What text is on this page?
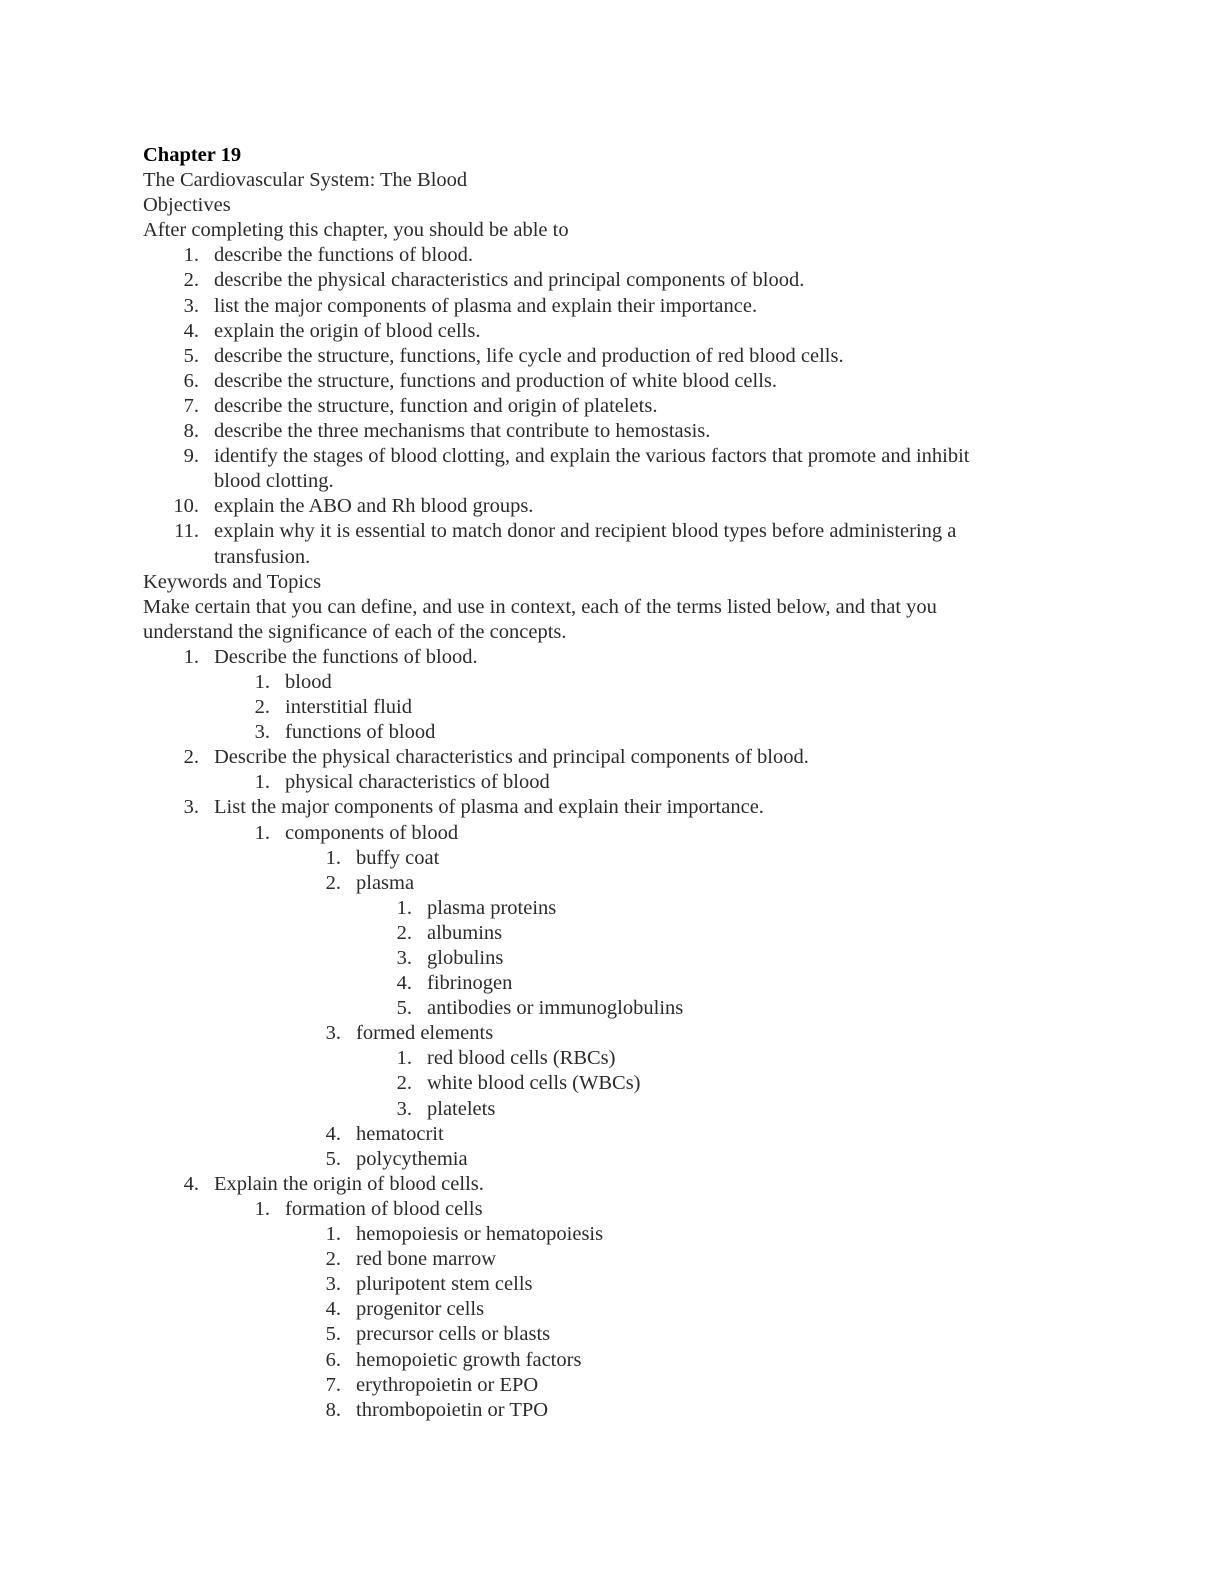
Chapter 19
The Cardiovascular System: The Blood
Objectives
After completing this chapter, you should be able to
1. describe the functions of blood.
2. describe the physical characteristics and principal components of blood.
3. list the major components of plasma and explain their importance.
4. explain the origin of blood cells.
5. describe the structure, functions, life cycle and production of red blood cells.
6. describe the structure, functions and production of white blood cells.
7. describe the structure, function and origin of platelets.
8. describe the three mechanisms that contribute to hemostasis.
9. identify the stages of blood clotting, and explain the various factors that promote and inhibit
blood clotting.
10. explain the ABO and Rh blood groups.
11. explain why it is essential to match donor and recipient blood types before administering a
transfusion.
Keywords and Topics
Make certain that you can define, and use in context, each of the terms listed below, and that you
understand the significance of each of the concepts.
1. Describe the functions of blood.
1. blood
2. interstitial fluid
3. functions of blood
2. Describe the physical characteristics and principal components of blood.
1. physical characteristics of blood
3. List the major components of plasma and explain their importance.
1. components of blood
1. buffy coat
2. plasma
1. plasma proteins
2. albumins
3. globulins
4. fibrinogen
5. antibodies or immunoglobulins
3. formed elements
1. red blood cells (RBCs)
2. white blood cells (WBCs)
3. platelets
4. hematocrit
5. polycythemia
4. Explain the origin of blood cells.
1. formation of blood cells
1. hemopoiesis or hematopoiesis
2. red bone marrow
3. pluripotent stem cells
4. progenitor cells
5. precursor cells or blasts
6. hemopoietic growth factors
7. erythropoietin or EPO
8. thrombopoietin or TPO
